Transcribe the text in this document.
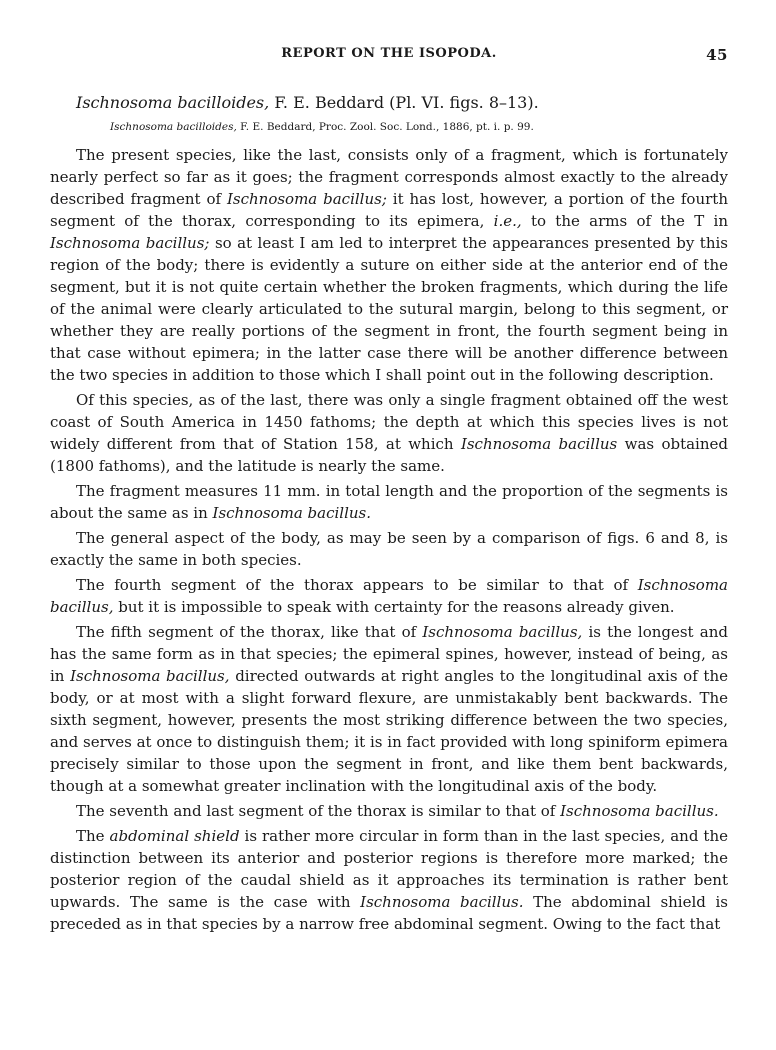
REPORT ON THE ISOPODA.	45
Ischnosoma bacilloides, F. E. Beddard (Pl. VI. figs. 8–13).
Ischnosoma bacilloides, F. E. Beddard, Proc. Zool. Soc. Lond., 1886, pt. i. p. 99.

The present species, like the last, consists only of a fragment, which is fortunately nearly perfect so far as it goes; the fragment corresponds almost exactly to the already described fragment of Ischnosoma bacillus; it has lost, however, a portion of the fourth segment of the thorax, corresponding to its epimera, i.e., to the arms of the T in Ischnosoma bacillus; so at least I am led to interpret the appearances presented by this region of the body; there is evidently a suture on either side at the anterior end of the segment, but it is not quite certain whether the broken fragments, which during the life of the animal were clearly articulated to the sutural margin, belong to this segment, or whether they are really portions of the segment in front, the fourth segment being in that case without epimera; in the latter case there will be another difference between the two species in addition to those which I shall point out in the following description.

Of this species, as of the last, there was only a single fragment obtained off the west coast of South America in 1450 fathoms; the depth at which this species lives is not widely different from that of Station 158, at which Ischnosoma bacillus was obtained (1800 fathoms), and the latitude is nearly the same.

The fragment measures 11 mm. in total length and the proportion of the segments is about the same as in Ischnosoma bacillus.

The general aspect of the body, as may be seen by a comparison of figs. 6 and 8, is exactly the same in both species.

The fourth segment of the thorax appears to be similar to that of Ischnosoma bacillus, but it is impossible to speak with certainty for the reasons already given.

The fifth segment of the thorax, like that of Ischnosoma bacillus, is the longest and has the same form as in that species; the epimeral spines, however, instead of being, as in Ischnosoma bacillus, directed outwards at right angles to the longitudinal axis of the body, or at most with a slight forward flexure, are unmistakably bent backwards. The sixth segment, however, presents the most striking difference between the two species, and serves at once to distinguish them; it is in fact provided with long spiniform epimera precisely similar to those upon the segment in front, and like them bent backwards, though at a somewhat greater inclination with the longitudinal axis of the body.

The seventh and last segment of the thorax is similar to that of Ischnosoma bacillus.

The abdominal shield is rather more circular in form than in the last species, and the distinction between its anterior and posterior regions is therefore more marked; the posterior region of the caudal shield as it approaches its termination is rather bent upwards. The same is the case with Ischnosoma bacillus. The abdominal shield is preceded as in that species by a narrow free abdominal segment. Owing to the fact that
